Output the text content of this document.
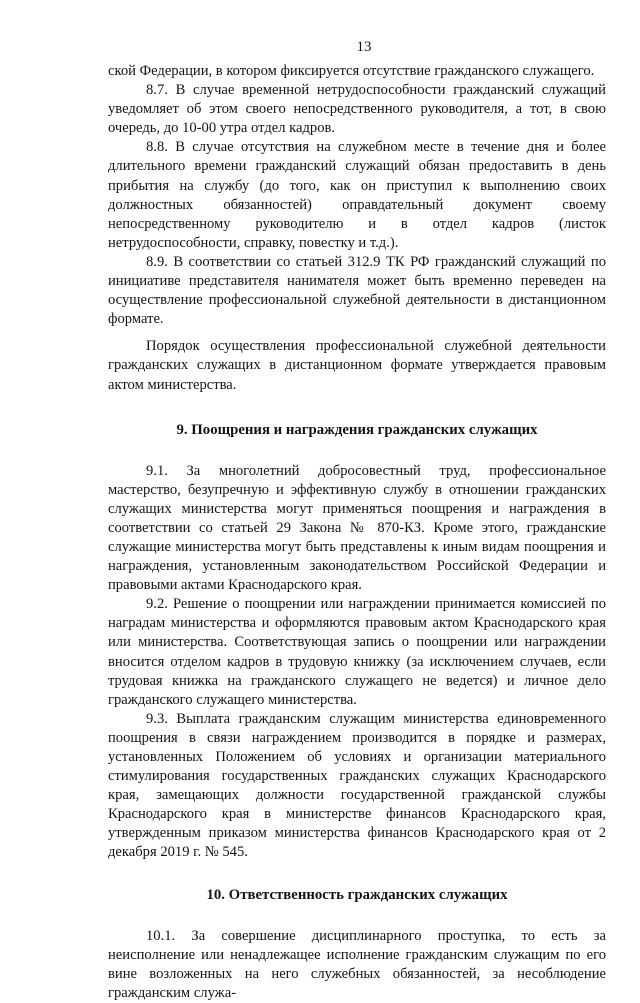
13

ской Федерации, в котором фиксируется отсутствие гражданского служащего.

8.7. В случае временной нетрудоспособности гражданский служащий уведомляет об этом своего непосредственного руководителя, а тот, в свою очередь, до 10-00 утра отдел кадров.

8.8. В случае отсутствия на служебном месте в течение дня и более длительного времени гражданский служащий обязан предоставить в день прибытия на службу (до того, как он приступил к выполнению своих должностных обязанностей) оправдательный документ своему непосредственному руководителю и в отдел кадров (листок нетрудоспособности, справку, повестку и т.д.).

8.9. В соответствии со статьей 312.9 ТК РФ гражданский служащий по инициативе представителя нанимателя может быть временно переведен на осуществление профессиональной служебной деятельности в дистанционном формате.

Порядок осуществления профессиональной служебной деятельности гражданских служащих в дистанционном формате утверждается правовым актом министерства.

9. Поощрения и награждения гражданских служащих

9.1. За многолетний добросовестный труд, профессиональное мастерство, безупречную и эффективную службу в отношении гражданских служащих министерства могут применяться поощрения и награждения в соответствии со статьей 29 Закона № 870-КЗ. Кроме этого, гражданские служащие министерства могут быть представлены к иным видам поощрения и награждения, установленным законодательством Российской Федерации и правовыми актами Краснодарского края.

9.2. Решение о поощрении или награждении принимается комиссией по наградам министерства и оформляются правовым актом Краснодарского края или министерства. Соответствующая запись о поощрении или награждении вносится отделом кадров в трудовую книжку (за исключением случаев, если трудовая книжка на гражданского служащего не ведется) и личное дело гражданского служащего министерства.

9.3. Выплата гражданским служащим министерства единовременного поощрения в связи награждением производится в порядке и размерах, установленных Положением об условиях и организации материального стимулирования государственных гражданских служащих Краснодарского края, замещающих должности государственной гражданской службы Краснодарского края в министерстве финансов Краснодарского края, утвержденным приказом министерства финансов Краснодарского края от 2 декабря 2019 г. № 545.

10. Ответственность гражданских служащих

10.1. За совершение дисциплинарного проступка, то есть за неисполнение или ненадлежащее исполнение гражданским служащим по его вине возложенных на него служебных обязанностей, за несоблюдение гражданским служа-
